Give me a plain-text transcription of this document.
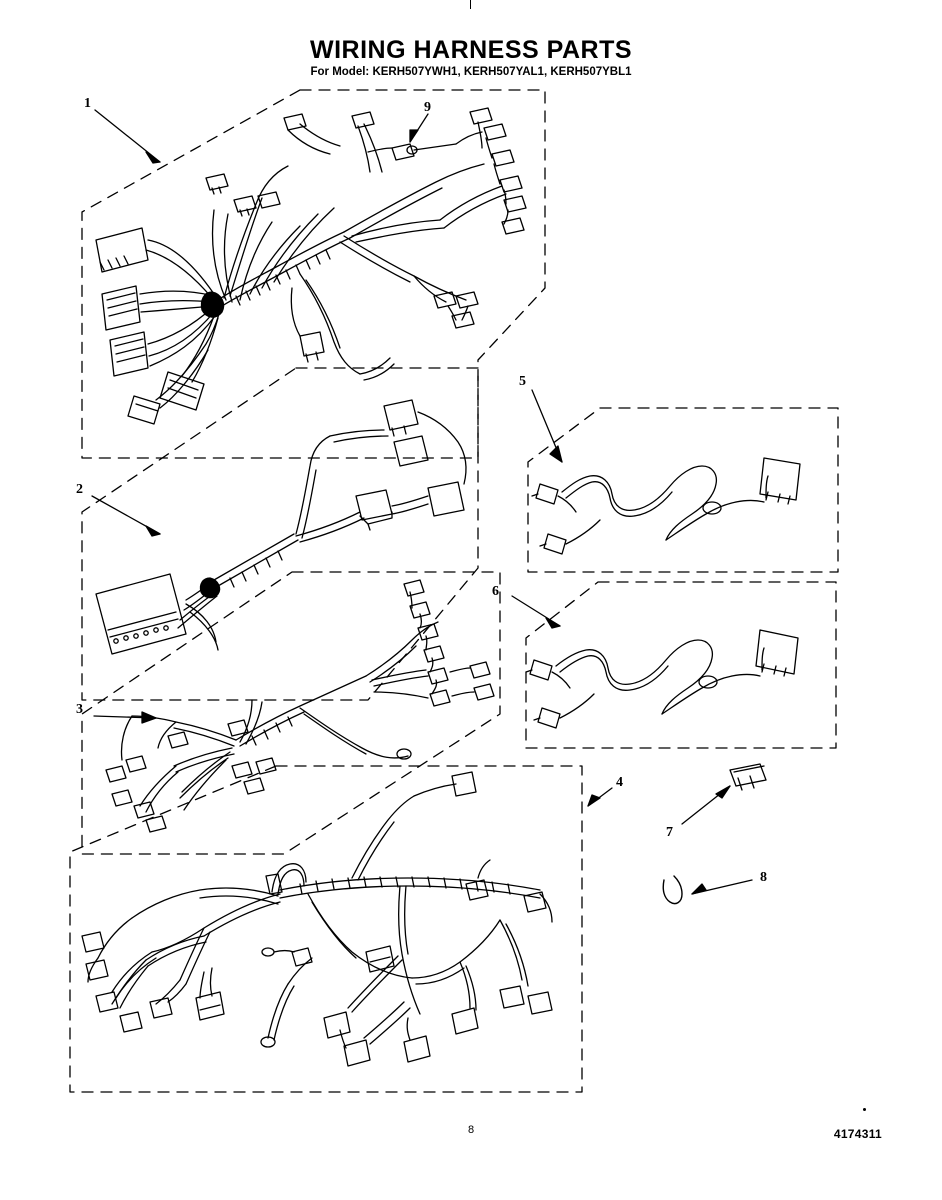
WIRING HARNESS PARTS
For Model: KERH507YWH1, KERH507YAL1, KERH507YBL1
1	9
2
5
6
3
4
7
8
8	4174311
